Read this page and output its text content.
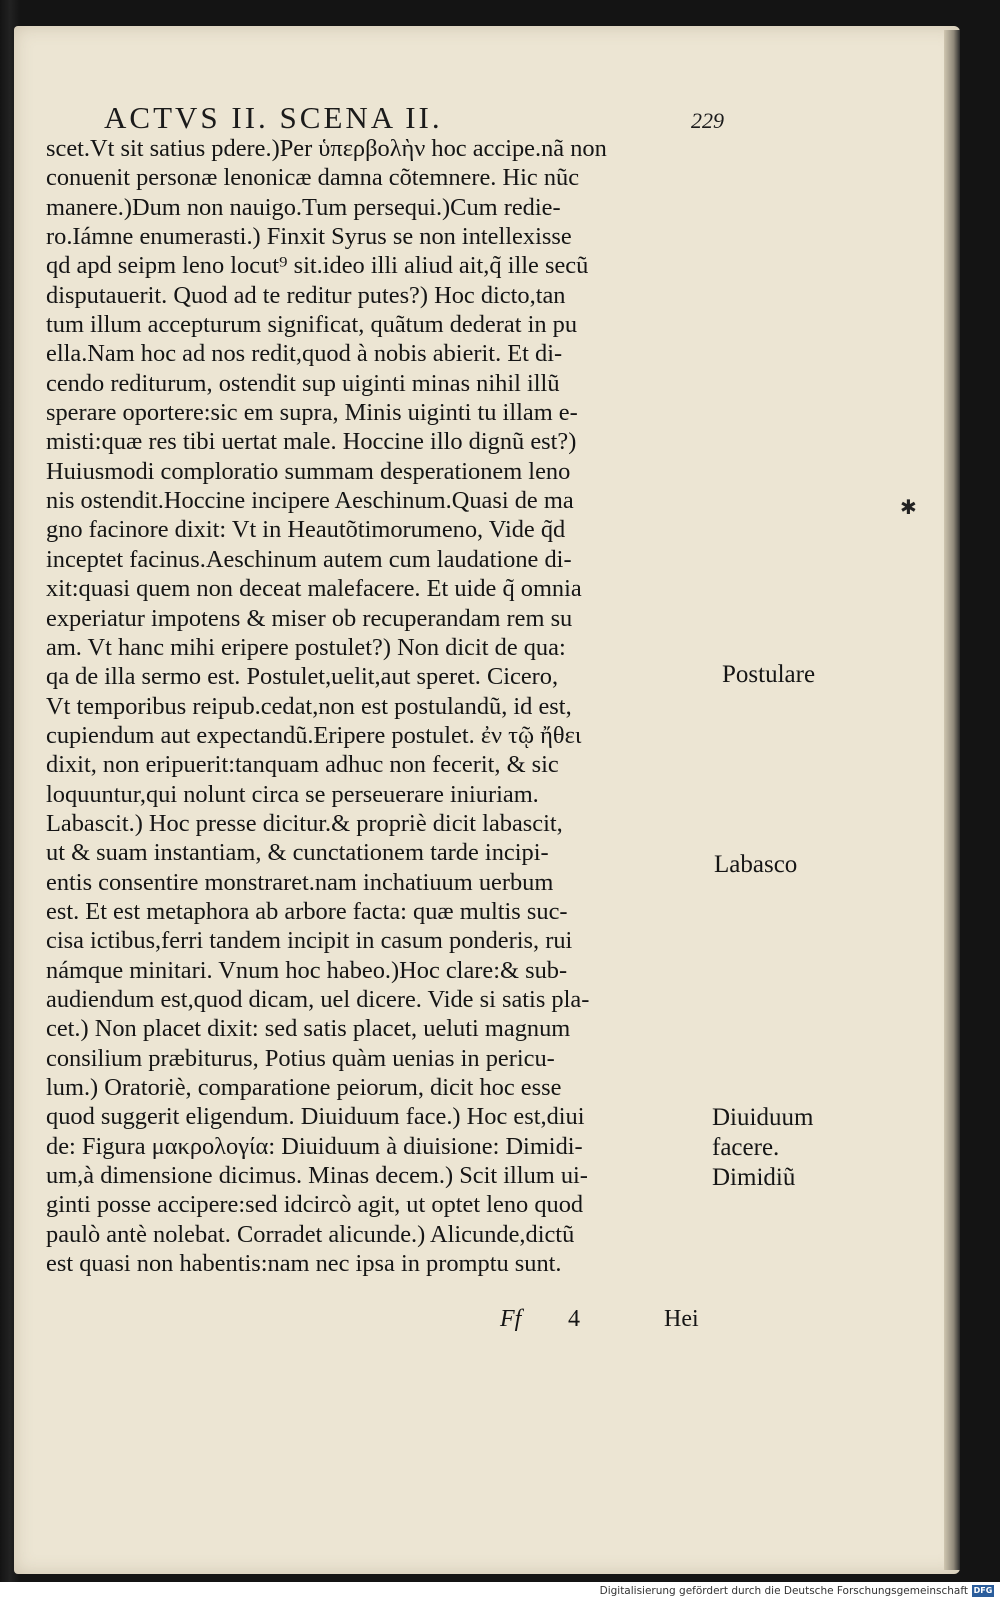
ACTVS II. SCENA II.	229
scet.Vt sit satius pdere.)Per ὑπερβολὴν hoc accipe.nã non
conuenit personæ lenonicæ damna cõtemnere. Hic nũc
manere.)Dum non nauigo.Tum persequi.)Cum redie-
ro.Iámne enumerasti.) Finxit Syrus se non intellexisse
qd apd seipm leno locut⁹ sit.ideo illi aliud ait,q̃ ille secũ
disputauerit. Quod ad te reditur putes?) Hoc dicto,tan
tum illum accepturum significat, quãtum dederat in pu
ella.Nam hoc ad nos redit,quod à nobis abierit. Et di-
cendo rediturum, ostendit sup uiginti minas nihil illũ
sperare oportere:sic em supra, Minis uiginti tu illam e-
misti:quæ res tibi uertat male. Hoccine illo dignũ est?)
Huiusmodi comploratio summam desperationem leno
nis ostendit.Hoccine incipere Aeschinum.Quasi de ma
gno facinore dixit: Vt in Heautõtimorumeno, Vide q̃d
inceptet facinus.Aeschinum autem cum laudatione di-
xit:quasi quem non deceat malefacere. Et uide q̃ omnia
experiatur impotens & miser ob recuperandam rem su
am. Vt hanc mihi eripere postulet?) Non dicit de qua:
qa de illa sermo est. Postulet,uelit,aut speret. Cicero,
Vt temporibus reipub.cedat,non est postulandũ, id est,
cupiendum aut expectandũ.Eripere postulet. ἐν τῷ ἤθει
dixit, non eripuerit:tanquam adhuc non fecerit, & sic
loquuntur,qui nolunt circa se perseuerare iniuriam.
Labascit.) Hoc presse dicitur.& propriè dicit labascit,
ut & suam instantiam, & cunctationem tarde incipi-
entis consentire monstraret.nam inchatiuum uerbum
est. Et est metaphora ab arbore facta: quæ multis suc-
cisa ictibus,ferri tandem incipit in casum ponderis, rui
námque minitari. Vnum hoc habeo.)Hoc clare:& sub-
audiendum est,quod dicam, uel dicere. Vide si satis pla-
cet.) Non placet dixit: sed satis placet, ueluti magnum
consilium præbiturus, Potius quàm uenias in pericu-
lum.) Oratoriè, comparatione peiorum, dicit hoc esse
quod suggerit eligendum. Diuiduum face.) Hoc est,diui
de: Figura μακρολογία: Diuiduum à diuisione: Dimidi-
um,à dimensione dicimus. Minas decem.) Scit illum ui-
ginti posse accipere:sed idcircò agit, ut optet leno quod
paulò antè nolebat. Corradet alicunde.) Alicunde,dictũ
est quasi non habentis:nam nec ipsa in promptu sunt.
Postulare
Labasco
Diuiduum
facere.
Dimidiũ
✱
Ff 4	Hei
Digitalisierung gefördert durch die Deutsche Forschungsgemeinschaft DFG
